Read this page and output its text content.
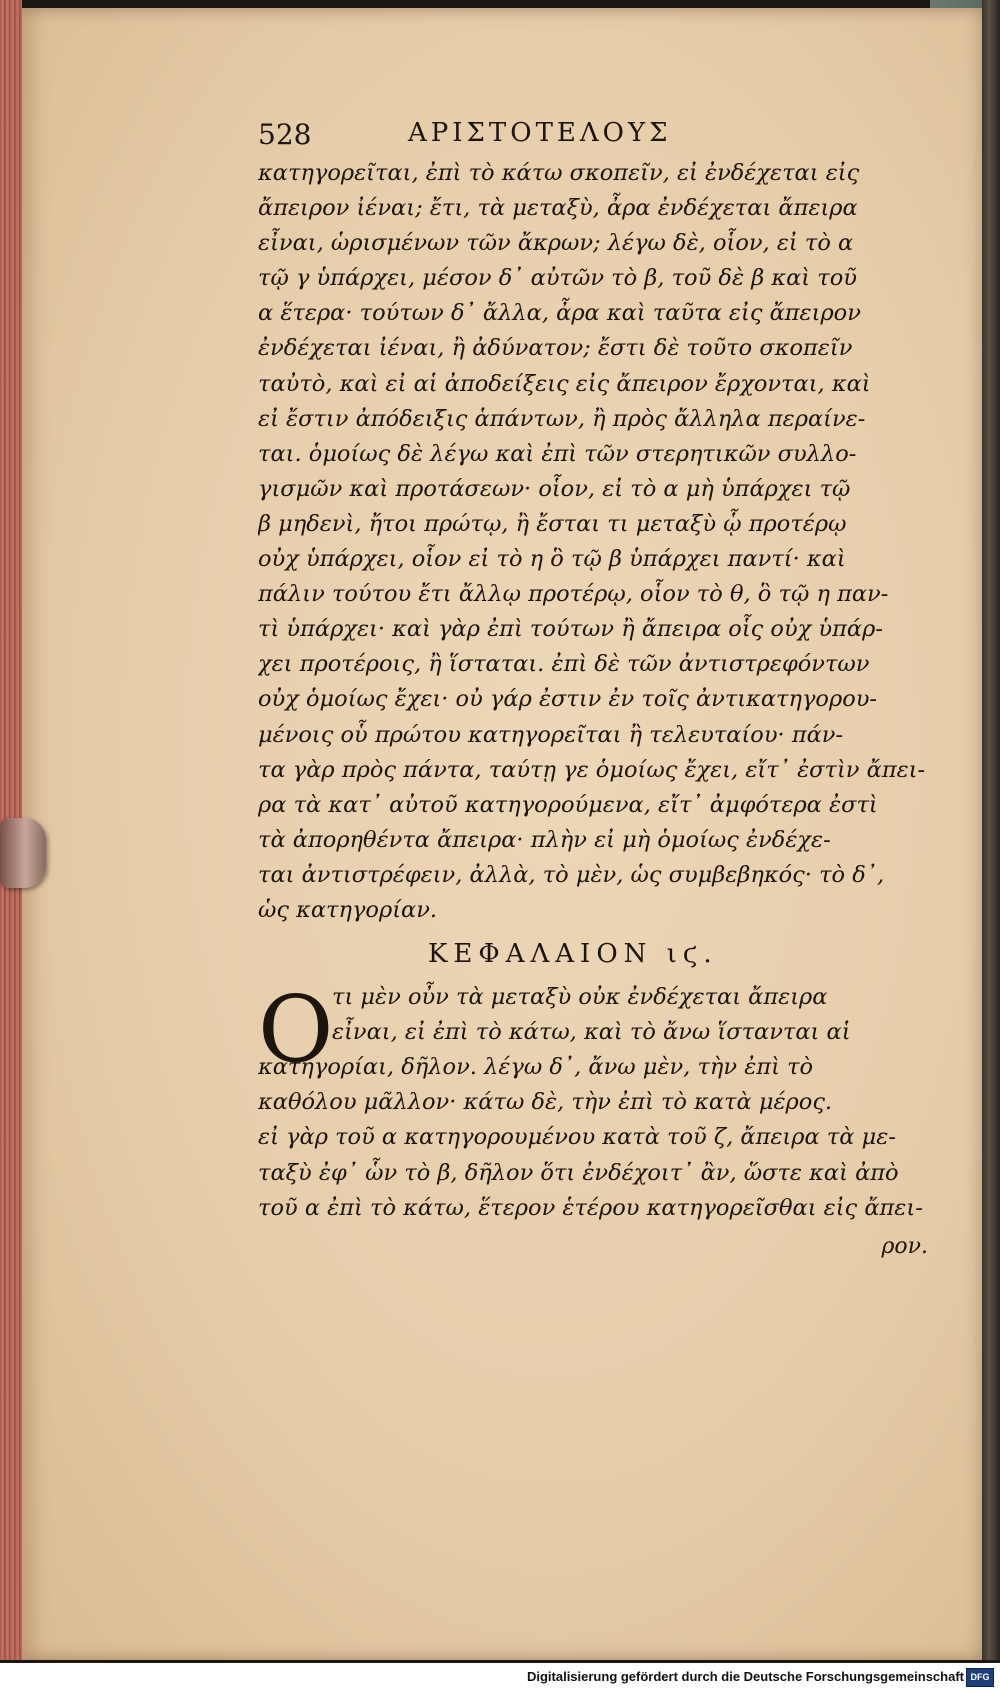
528	ΑΡΙΣΤΟΤΕΛΟΥΣ
κατηγορεῖται, ἐπὶ τὸ κάτω σκοπεῖν, εἰ ἐνδέχεται εἰς
ἄπειρον ἰέναι; ἔτι, τὰ μεταξὺ, ἆρα ἐνδέχεται ἄπειρα
εἶναι, ὡρισμένων τῶν ἄκρων; λέγω δὲ, οἷον, εἰ τὸ α
τῷ γ ὑπάρχει, μέσον δ᾽ αὐτῶν τὸ β, τοῦ δὲ β καὶ τοῦ
α ἕτερα· τούτων δ᾽ ἄλλα, ἆρα καὶ ταῦτα εἰς ἄπειρον
ἐνδέχεται ἰέναι, ἢ ἀδύνατον; ἔστι δὲ τοῦτο σκοπεῖν
ταὐτὸ, καὶ εἰ αἱ ἀποδείξεις εἰς ἄπειρον ἔρχονται, καὶ
εἰ ἔστιν ἀπόδειξις ἁπάντων, ἢ πρὸς ἄλληλα περαίνε-
ται. ὁμοίως δὲ λέγω καὶ ἐπὶ τῶν στερητικῶν συλλο-
γισμῶν καὶ προτάσεων· οἷον, εἰ τὸ α μὴ ὑπάρχει τῷ
β μηδενὶ, ἤτοι πρώτῳ, ἢ ἔσται τι μεταξὺ ᾧ προτέρῳ
οὐχ ὑπάρχει, οἷον εἰ τὸ η ὃ τῷ β ὑπάρχει παντί· καὶ
πάλιν τούτου ἔτι ἄλλῳ προτέρῳ, οἷον τὸ θ, ὃ τῷ η παν-
τὶ ὑπάρχει· καὶ γὰρ ἐπὶ τούτων ἢ ἄπειρα οἷς οὐχ ὑπάρ-
χει προτέροις, ἢ ἵσταται. ἐπὶ δὲ τῶν ἀντιστρεφόντων
οὐχ ὁμοίως ἔχει· οὐ γάρ ἐστιν ἐν τοῖς ἀντικατηγορου-
μένοις οὗ πρώτου κατηγορεῖται ἢ τελευταίου· πάν-
τα γὰρ πρὸς πάντα, ταύτῃ γε ὁμοίως ἔχει, εἴτ᾽ ἐστὶν ἄπει-
ρα τὰ κατ᾽ αὐτοῦ κατηγορούμενα, εἴτ᾽ ἀμφότερα ἐστὶ
τὰ ἀπορηθέντα ἄπειρα· πλὴν εἰ μὴ ὁμοίως ἐνδέχε-
ται ἀντιστρέφειν, ἀλλὰ, τὸ μὲν, ὡς συμβεβηκός· τὸ δ᾽,
ὡς κατηγορίαν.
ΚΕΦΑΛΑΙΟΝ ιϛ.
Ο
τι μὲν οὖν τὰ μεταξὺ οὐκ ἐνδέχεται ἄπειρα
εἶναι, εἰ ἐπὶ τὸ κάτω, καὶ τὸ ἄνω ἵστανται αἱ
κατηγορίαι, δῆλον. λέγω δ᾽, ἄνω μὲν, τὴν ἐπὶ τὸ
καθόλου μᾶλλον· κάτω δὲ, τὴν ἐπὶ τὸ κατὰ μέρος.
εἰ γὰρ τοῦ α κατηγορουμένου κατὰ τοῦ ζ, ἄπειρα τὰ με-
ταξὺ ἐφ᾽ ὧν τὸ β, δῆλον ὅτι ἐνδέχοιτ᾽ ἂν, ὥστε καὶ ἀπὸ
τοῦ α ἐπὶ τὸ κάτω, ἕτερον ἑτέρου κατηγορεῖσθαι εἰς ἄπει-
ρον.
Digitalisierung gefördert durch die Deutsche Forschungsgemeinschaft DFG
